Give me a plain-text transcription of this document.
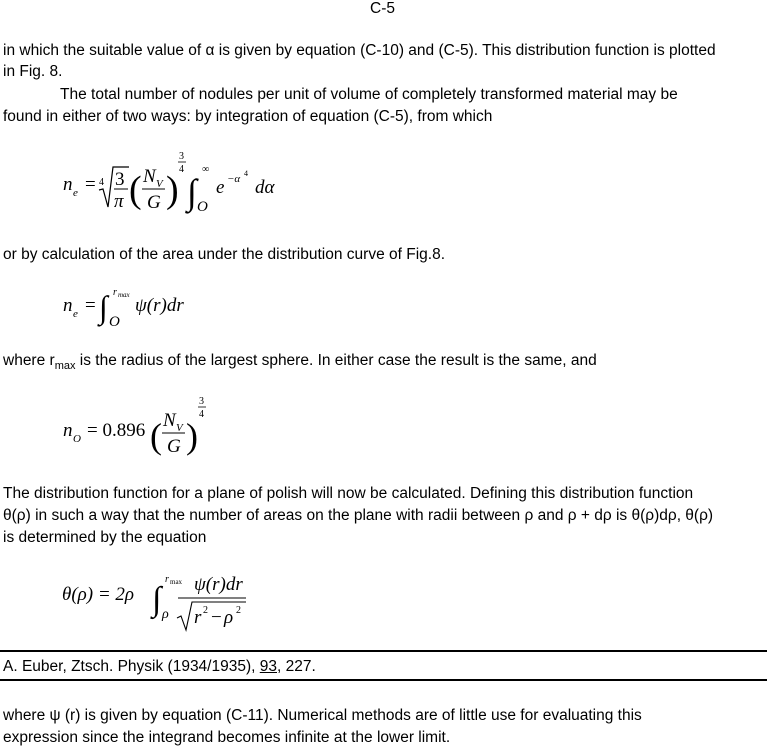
C-5
in which the suitable value of α is given by equation (C-10) and (C-5). This distribution function is plotted
in Fig. 8.
The total number of nodules per unit of volume of completely transformed material may be
found in either of two ways: by integration of equation (C-5), from which
n e = 4 3
π ( N V
G )
3
4
∫
∞
O
e −α 4
dα
or by calculation of the area under the distribution curve of Fig.8.
n e = ∫ r max
O
ψ(r)dr
where $r_{max}$ is the radius of the largest sphere. In either case the result is the same, and
n O = 0.896 ( N V
G )
3
4
The distribution function for a plane of polish will now be calculated. Defining this distribution function
θ(ρ) in such a way that the number of areas on the plane with radii between ρ and ρ + dρ is θ(ρ)dρ, θ(ρ)
is determined by the equation
θ(ρ) = 2ρ ∫
r max
ρ
ψ(r)dr
r 2 − ρ 2
A. Euber, Ztsch. Physik (1934/1935), 93, 227.
where ψ (r) is given by equation (C-11). Numerical methods are of little use for evaluating this
expression since the integrand becomes infinite at the lower limit.
